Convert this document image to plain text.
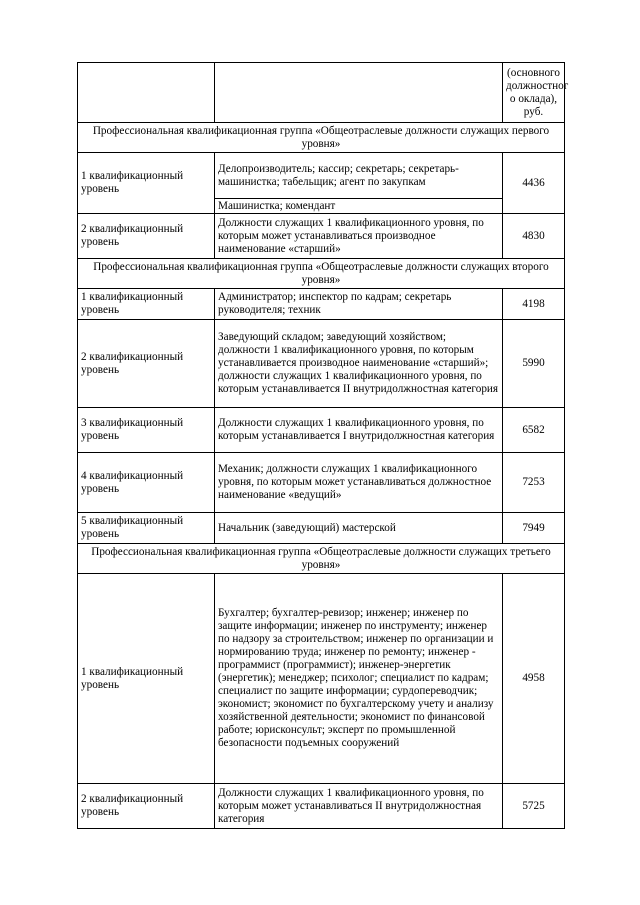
		(основного должностног о оклада), руб.
Профессиональная квалификационная группа «Общеотраслевые должности служащих первого уровня»		
1 квалификационный уровень	Делопроизводитель; кассир; секретарь; секретарь-машинистка; табельщик; агент по закупкам	4436
	Машинистка; комендант	
2 квалификационный уровень	Должности служащих 1 квалификационного уровня, по которым может устанавливаться производное наименование «старший»	4830
Профессиональная квалификационная группа «Общеотраслевые должности служащих второго уровня»		
1 квалификационный уровень	Администратор; инспектор по кадрам; секретарь руководителя; техник	4198
2 квалификационный уровень	Заведующий складом; заведующий хозяйством; должности 1 квалификационного уровня, по которым устанавливается производное наименование «старший»; должности служащих 1 квалификационного уровня, по которым устанавливается II внутридолжностная категория	5990
3 квалификационный уровень	Должности служащих 1 квалификационного уровня, по которым устанавливается I внутридолжностная категория	6582
4 квалификационный уровень	Механик; должности служащих 1 квалификационного уровня, по которым может устанавливаться должностное наименование «ведущий»	7253
5 квалификационный уровень	Начальник (заведующий) мастерской	7949
Профессиональная квалификационная группа «Общеотраслевые должности служащих третьего уровня»		
1 квалификационный уровень	Бухгалтер; бухгалтер-ревизор; инженер; инженер по защите информации; инженер по инструменту; инженер по надзору за строительством; инженер по организации и нормированию труда; инженер по ремонту; инженер - программист (программист); инженер-энергетик (энергетик); менеджер; психолог; специалист по кадрам; специалист по защите информации; сурдопереводчик; экономист; экономист по бухгалтерскому учету и анализу хозяйственной деятельности; экономист по финансовой работе; юрисконсульт; эксперт по промышленной безопасности подъемных сооружений	4958
2 квалификационный уровень	Должности служащих 1 квалификационного уровня, по которым может устанавливаться II внутридолжностная категория	5725
